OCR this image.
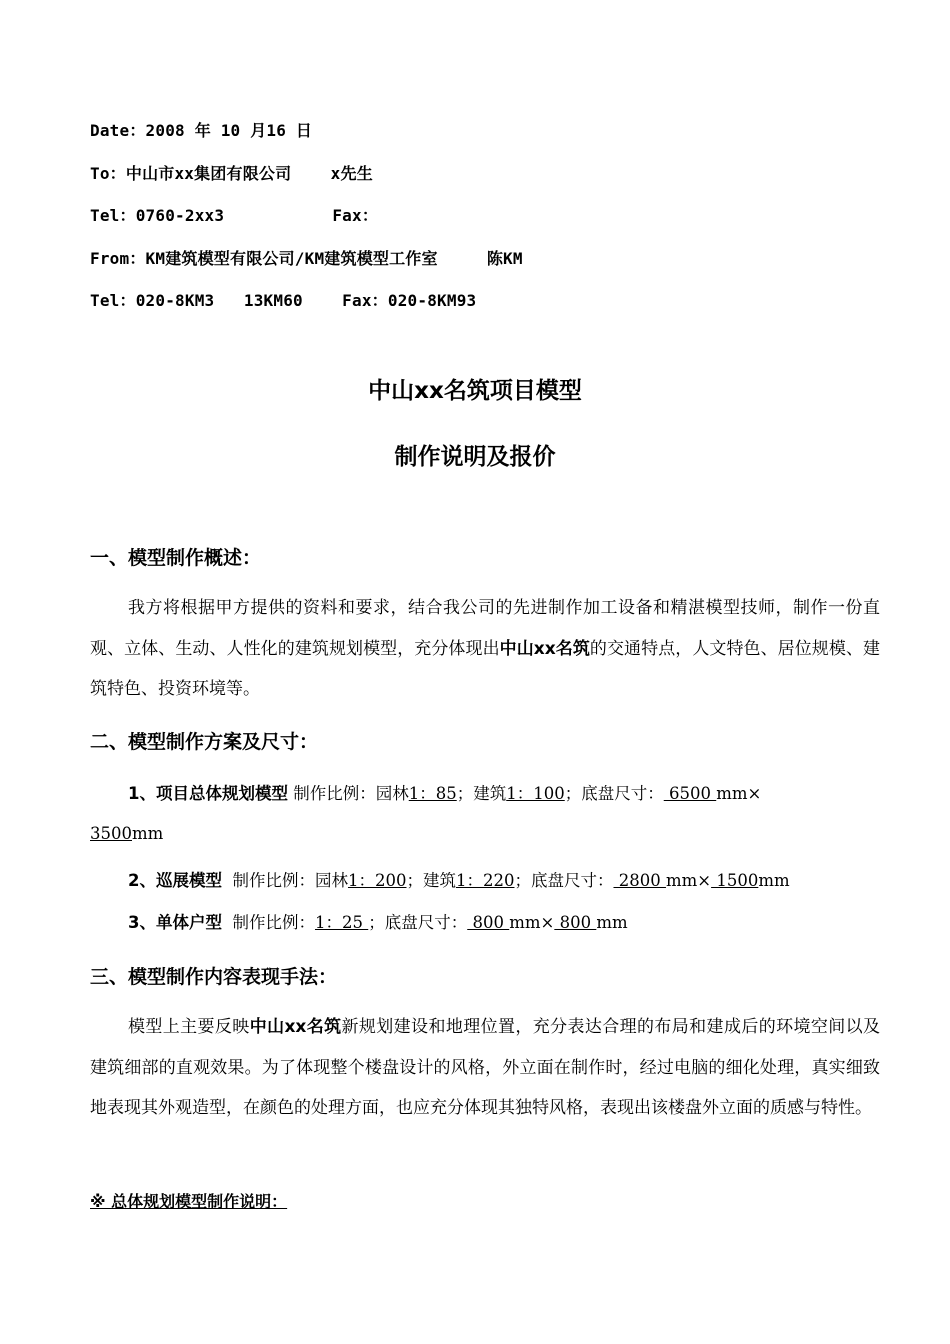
Date：2008 年 10 月16 日
To：中山市xx集团有限公司    x先生
Tel：0760-2xx3           Fax：
From：KM建筑模型有限公司/KM建筑模型工作室     陈KM
Tel：020-8KM3   13KM60    Fax：020-8KM93
中山xx名筑项目模型
制作说明及报价
一、模型制作概述：
我方将根据甲方提供的资料和要求，结合我公司的先进制作加工设备和精湛模型技师，制作一份直观、立体、生动、人性化的建筑规划模型，充分体现出中山xx名筑的交通特点，人文特色、居位规模、建筑特色、投资环境等。
二、模型制作方案及尺寸：
1、项目总体规划模型 制作比例：园林1：85；建筑1：100；底盘尺寸： 6500 mm×
3500mm
2、巡展模型  制作比例：园林1：200；建筑1：220；底盘尺寸： 2800 mm× 1500mm
3、单体户型  制作比例：1：25 ；底盘尺寸： 800 mm× 800 mm
三、模型制作内容表现手法：
模型上主要反映中山xx名筑新规划建设和地理位置，充分表达合理的布局和建成后的环境空间以及建筑细部的直观效果。为了体现整个楼盘设计的风格，外立面在制作时，经过电脑的细化处理，真实细致地表现其外观造型，在颜色的处理方面，也应充分体现其独特风格，表现出该楼盘外立面的质感与特性。
※ 总体规划模型制作说明：
